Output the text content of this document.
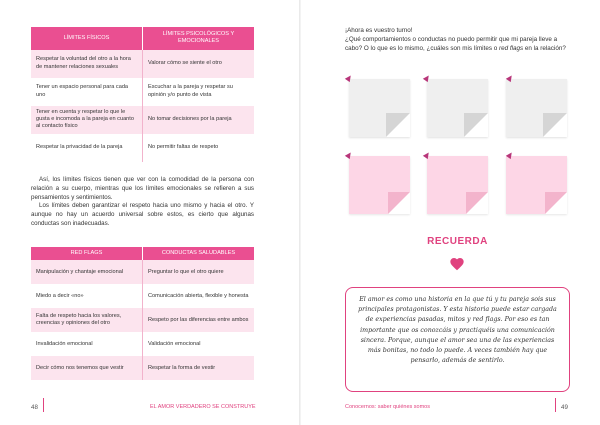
LÍMITES FÍSICOS	LÍMITES PSICOLÓGICOS Y EMOCIONALES
Respetar la voluntad del otro a la hora de mantener relaciones sexuales	Valorar cómo se siente el otro
Tener un espacio personal para cada uno	Escuchar a la pareja y respetar su opinión y/o punto de vista
Tener en cuenta y respetar lo que le gusta e incomoda a la pareja en cuanto al contacto físico	No tomar decisiones por la pareja
Respetar la privacidad de la pareja	No permitir faltas de respeto

Así, los límites físicos tienen que ver con la comodidad de la persona con relación a su cuerpo, mientras que los límites emocionales se refieren a sus pensamientos y sentimientos.

Los límites deben garantizar el respeto hacia uno mismo y hacia el otro. Y aunque no hay un acuerdo universal sobre estos, es cierto que algunas conductas son inadecuadas.

RED FLAGS	CONDUCTAS SALUDABLES
Manipulación y chantaje emocional	Preguntar lo que el otro quiere
Miedo a decir «no»	Comunicación abierta, flexible y honesta
Falta de respeto hacia los valores, creencias y opiniones del otro	Respeto por las diferencias entre ambos
Invalidación emocional	Validación emocional
Decir cómo nos tenemos que vestir	Respetar la forma de vestir
48	EL AMOR VERDADERO SE CONSTRUYE
¡Ahora es vuestro turno!
¿Qué comportamientos o conductas no puedo permitir que mi pareja lleve a cabo? O lo que es lo mismo, ¿cuáles son mis límites o red flags en la relación?
RECUERDA
El amor es como una historia en la que tú y tu pareja sois sus principales protagonistas. Y esta historia puede estar cargada de experiencias pasadas, mitos y red flags. Por eso es tan importante que os conozcáis y practiquéis una comunicación sincera. Porque, aunque el amor sea una de las experiencias más bonitas, no todo lo puede. A veces también hay que pensarlo, además de sentirlo.
Conocernos: saber quiénes somos	49
